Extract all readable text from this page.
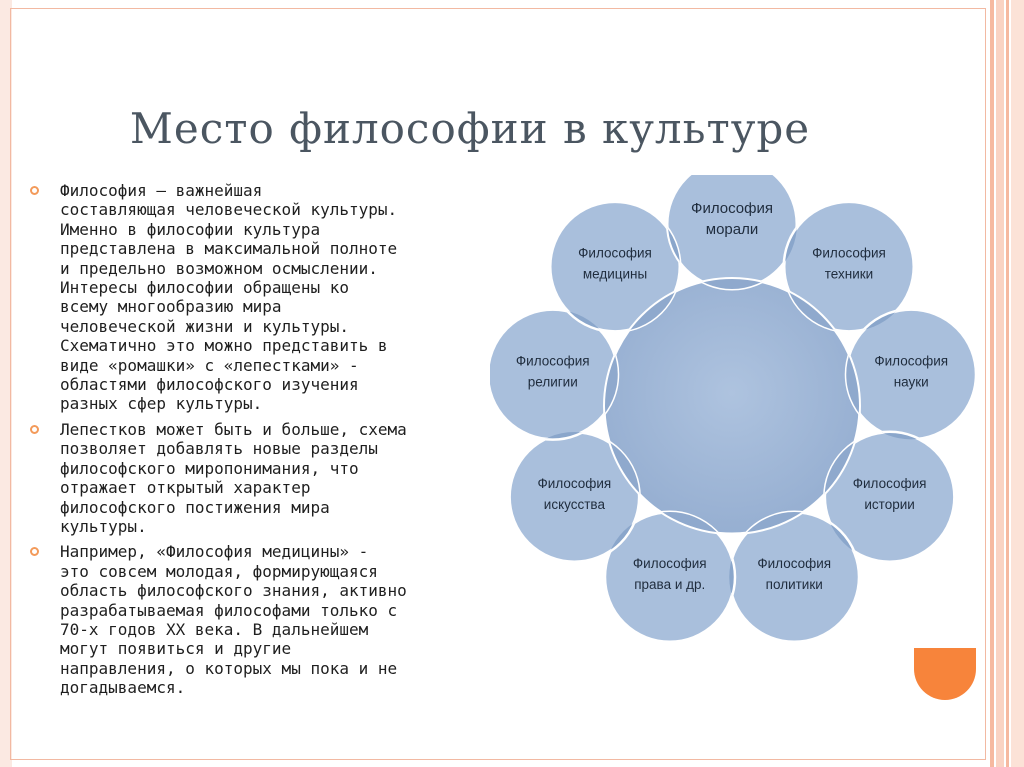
Место философии в культуре
Философия – важнейшая
составляющая человеческой культуры.
Именно в философии культура
представлена в максимальной полноте
и предельно возможном осмыслении.
Интересы философии обращены ко
всему многообразию мира
человеческой жизни и культуры.
Схематично это можно представить в
виде «ромашки» с «лепестками» -
областями философского изучения
разных сфер культуры.
Лепестков может быть и больше, схема
позволяет добавлять новые разделы
философского миропонимания, что
отражает открытый характер
философского постижения мира
культуры.
Например, «Философия медицины» -
это совсем молодая, формирующаяся
область философского знания, активно
разрабатываемая философами только с
70-х годов XX века. В дальнейшем
могут появиться и другие
направления, о которых мы пока и не
догадываемся.
Философия
морали
Философия
техники
Философия
науки
Философия
истории
Философия
политики
Философия
права и др.
Философия
искусства
Философия
религии
Философия
медицины
